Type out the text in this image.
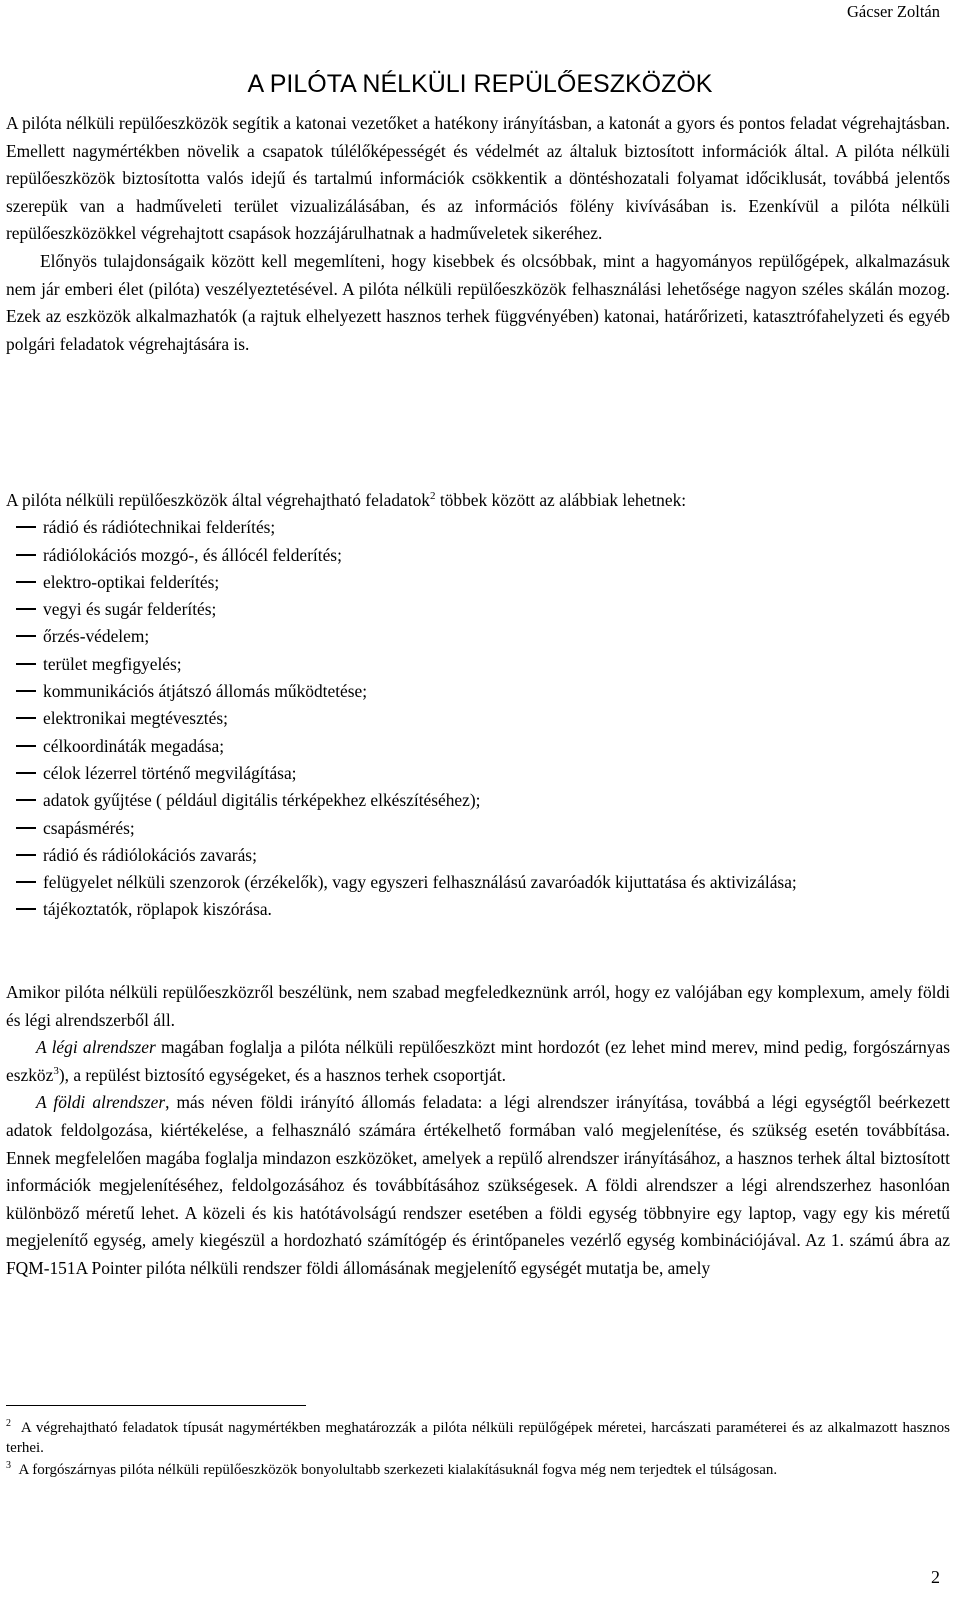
Gácser Zoltán
A PILÓTA NÉLKÜLI REPÜLŐESZKÖZÖK

A pilóta nélküli repülőeszközök segítik a katonai vezetőket a hatékony irányításban, a katonát a gyors és pontos feladat végrehajtásban. Emellett nagymértékben növelik a csapatok túlélőképességét és védelmét az általuk biztosított információk által. A pilóta nélküli repülőeszközök biztosította valós idejű és tartalmú információk csökkentik a döntéshozatali folyamat időciklusát, továbbá jelentős szerepük van a hadműveleti terület vizualizálásában, és az információs fölény kivívásában is. Ezenkívül a pilóta nélküli repülőeszközökkel végrehajtott csapások hozzájárulhatnak a hadműveletek sikeréhez.

Előnyös tulajdonságaik között kell megemlíteni, hogy kisebbek és olcsóbbak, mint a hagyományos repülőgépek, alkalmazásuk nem jár emberi élet (pilóta) veszélyeztetésével. A pilóta nélküli repülőeszközök felhasználási lehetősége nagyon széles skálán mozog. Ezek az eszközök alkalmazhatók (a rajtuk elhelyezett hasznos terhek függvényében) katonai, határőrizeti, katasztrófahelyzeti és egyéb polgári feladatok végrehajtására is.

A pilóta nélküli repülőeszközök által végrehajtható feladatok$^2$ többek között az alábbiak lehetnek:

rádió és rádiótechnikai felderítés;
rádiólokációs mozgó-, és állócél felderítés;
elektro-optikai felderítés;
vegyi és sugár felderítés;
őrzés-védelem;
terület megfigyelés;
kommunikációs átjátszó állomás működtetése;
elektronikai megtévesztés;
célkoordináták megadása;
célok lézerrel történő megvilágítása;
adatok gyűjtése ( például digitális térképekhez elkészítéséhez);
csapásmérés;
rádió és rádiólokációs zavarás;
felügyelet nélküli szenzorok (érzékelők), vagy egyszeri felhasználású zavaróadók kijuttatása és aktivizálása;
tájékoztatók, röplapok kiszórása.

Amikor pilóta nélküli repülőeszközről beszélünk, nem szabad megfeledkeznünk arról, hogy ez valójában egy komplexum, amely földi és légi alrendszerből áll.

A légi alrendszer magában foglalja a pilóta nélküli repülőeszközt mint hordozót (ez lehet mind merev, mind pedig, forgószárnyas eszköz$^3$), a repülést biztosító egységeket, és a hasznos terhek csoportját.

A földi alrendszer, más néven földi irányító állomás feladata: a légi alrendszer irányítása, továbbá a légi egységtől beérkezett adatok feldolgozása, kiértékelése, a felhasználó számára értékelhető formában való megjelenítése, és szükség esetén továbbítása. Ennek megfelelően magába foglalja mindazon eszközöket, amelyek a repülő alrendszer irányításához, a hasznos terhek által biztosított információk megjelenítéséhez, feldolgozásához és továbbításához szükségesek. A földi alrendszer a légi alrendszerhez hasonlóan különböző méretű lehet. A közeli és kis hatótávolságú rendszer esetében a földi egység többnyire egy laptop, vagy egy kis méretű megjelenítő egység, amely kiegészül a hordozható számítógép és érintőpaneles vezérlő egység kombinációjával. Az 1. számú ábra az FQM-151A Pointer pilóta nélküli rendszer földi állomásának megjelenítő egységét mutatja be, amely

$^2$ A végrehajtható feladatok típusát nagymértékben meghatározzák a pilóta nélküli repülőgépek méretei, harcászati paraméterei és az alkalmazott hasznos terhei.

$^3$ A forgószárnyas pilóta nélküli repülőeszközök bonyolultabb szerkezeti kialakításuknál fogva még nem terjedtek el túlságosan.

2
